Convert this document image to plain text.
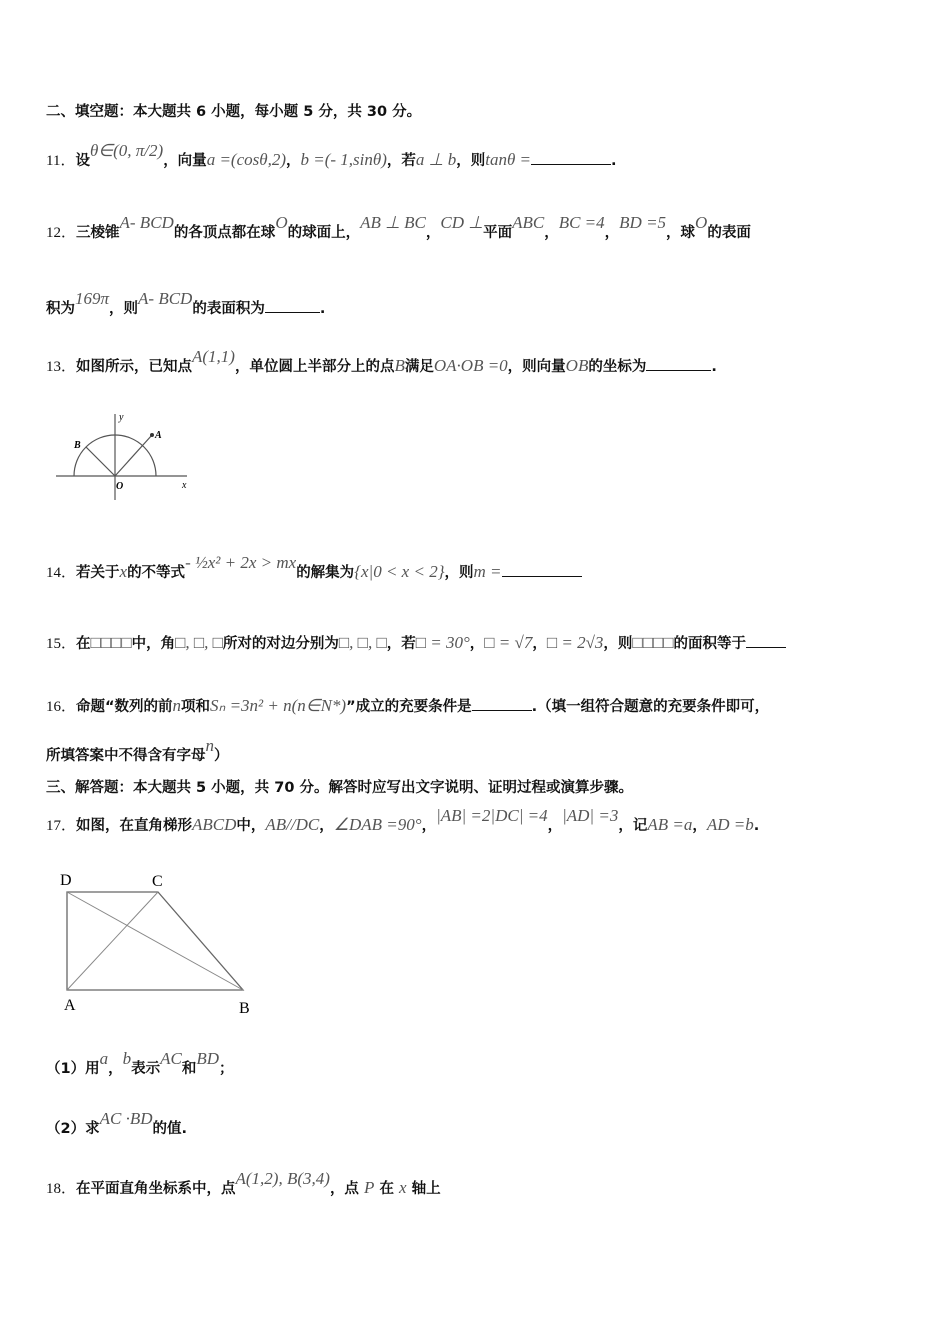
二、填空题：本大题共 6 小题，每小题 5 分，共 30 分。
11．设θ∈(0, π/2)，向量a =(cosθ,2)，b =(- 1,sinθ)，若a ⊥ b，则tanθ =	.
12．三棱锥A- BCD的各顶点都在球O的球面上，AB ⊥ BC，CD ⊥平面ABC，BC =4，BD =5，球O的表面
积为169π，则A- BCD的表面积为	.
13．如图所示，已知点A(1,1)，单位圆上半部分上的点B满足OA·OB =0，则向量OB的坐标为	.
y
x
O
A
B
14．若关于x的不等式- ½x² + 2x > mx的解集为{x|0 < x < 2}，则m =
15．在□□□□中，角□, □, □所对的对边分别为□, □, □，若□ = 30°，□ = √7，□ = 2√3，则□□□□的面积等于
16．命题“数列的前n项和Sₙ =3n² + n(n∈N*)”成立的充要条件是	.（填一组符合题意的充要条件即可，
所填答案中不得含有字母n）
三、解答题：本大题共 5 小题，共 70 分。解答时应写出文字说明、证明过程或演算步骤。
17．如图，在直角梯形ABCD中，AB//DC，∠DAB =90°，|AB| =2|DC| =4，|AD| =3，记AB =a，AD =b.
D	C
A	B
（1）用a，b表示AC和BD；
（2）求AC ·BD的值.
18．在平面直角坐标系中，点A(1,2), B(3,4)，点 P 在 x 轴上
